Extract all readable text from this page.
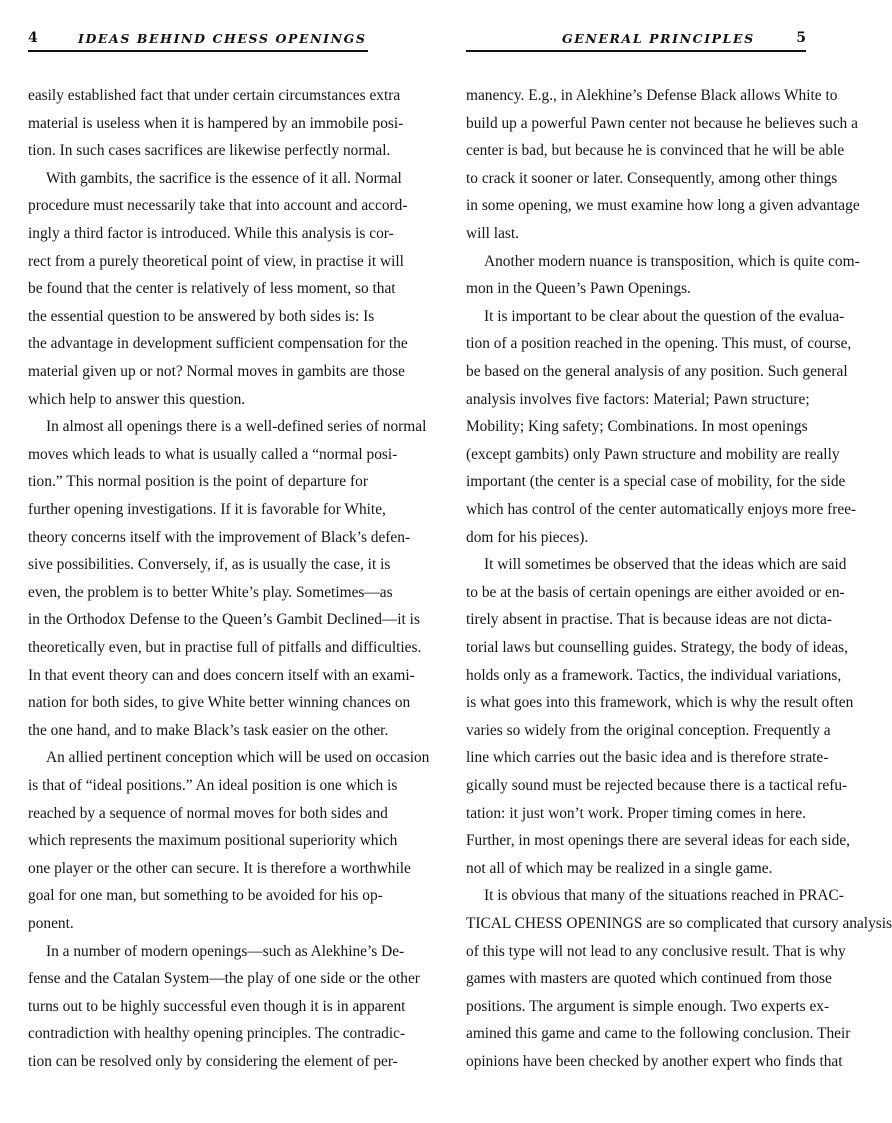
4	IDEAS BEHIND CHESS OPENINGS
easily established fact that under certain circumstances extra
material is useless when it is hampered by an immobile posi-
tion. In such cases sacrifices are likewise perfectly normal.
With gambits, the sacrifice is the essence of it all. Normal
procedure must necessarily take that into account and accord-
ingly a third factor is introduced. While this analysis is cor-
rect from a purely theoretical point of view, in practise it will
be found that the center is relatively of less moment, so that
the essential question to be answered by both sides is: Is
the advantage in development sufficient compensation for the
material given up or not? Normal moves in gambits are those
which help to answer this question.
In almost all openings there is a well-defined series of normal
moves which leads to what is usually called a “normal posi-
tion.” This normal position is the point of departure for
further opening investigations. If it is favorable for White,
theory concerns itself with the improvement of Black’s defen-
sive possibilities. Conversely, if, as is usually the case, it is
even, the problem is to better White’s play. Sometimes—as
in the Orthodox Defense to the Queen’s Gambit Declined—it is
theoretically even, but in practise full of pitfalls and difficulties.
In that event theory can and does concern itself with an exami-
nation for both sides, to give White better winning chances on
the one hand, and to make Black’s task easier on the other.
An allied pertinent conception which will be used on occasion
is that of “ideal positions.” An ideal position is one which is
reached by a sequence of normal moves for both sides and
which represents the maximum positional superiority which
one player or the other can secure. It is therefore a worthwhile
goal for one man, but something to be avoided for his op-
ponent.
In a number of modern openings—such as Alekhine’s De-
fense and the Catalan System—the play of one side or the other
turns out to be highly successful even though it is in apparent
contradiction with healthy opening principles. The contradic-
tion can be resolved only by considering the element of per-
GENERAL PRINCIPLES	5
manency. E.g., in Alekhine’s Defense Black allows White to
build up a powerful Pawn center not because he believes such a
center is bad, but because he is convinced that he will be able
to crack it sooner or later. Consequently, among other things
in some opening, we must examine how long a given advantage
will last.
Another modern nuance is transposition, which is quite com-
mon in the Queen’s Pawn Openings.
It is important to be clear about the question of the evalua-
tion of a position reached in the opening. This must, of course,
be based on the general analysis of any position. Such general
analysis involves five factors: Material; Pawn structure;
Mobility; King safety; Combinations. In most openings
(except gambits) only Pawn structure and mobility are really
important (the center is a special case of mobility, for the side
which has control of the center automatically enjoys more free-
dom for his pieces).
It will sometimes be observed that the ideas which are said
to be at the basis of certain openings are either avoided or en-
tirely absent in practise. That is because ideas are not dicta-
torial laws but counselling guides. Strategy, the body of ideas,
holds only as a framework. Tactics, the individual variations,
is what goes into this framework, which is why the result often
varies so widely from the original conception. Frequently a
line which carries out the basic idea and is therefore strate-
gically sound must be rejected because there is a tactical refu-
tation: it just won’t work. Proper timing comes in here.
Further, in most openings there are several ideas for each side,
not all of which may be realized in a single game.
It is obvious that many of the situations reached in PRAC-
TICAL CHESS OPENINGS are so complicated that cursory analysis
of this type will not lead to any conclusive result. That is why
games with masters are quoted which continued from those
positions. The argument is simple enough. Two experts ex-
amined this game and came to the following conclusion. Their
opinions have been checked by another expert who finds that
